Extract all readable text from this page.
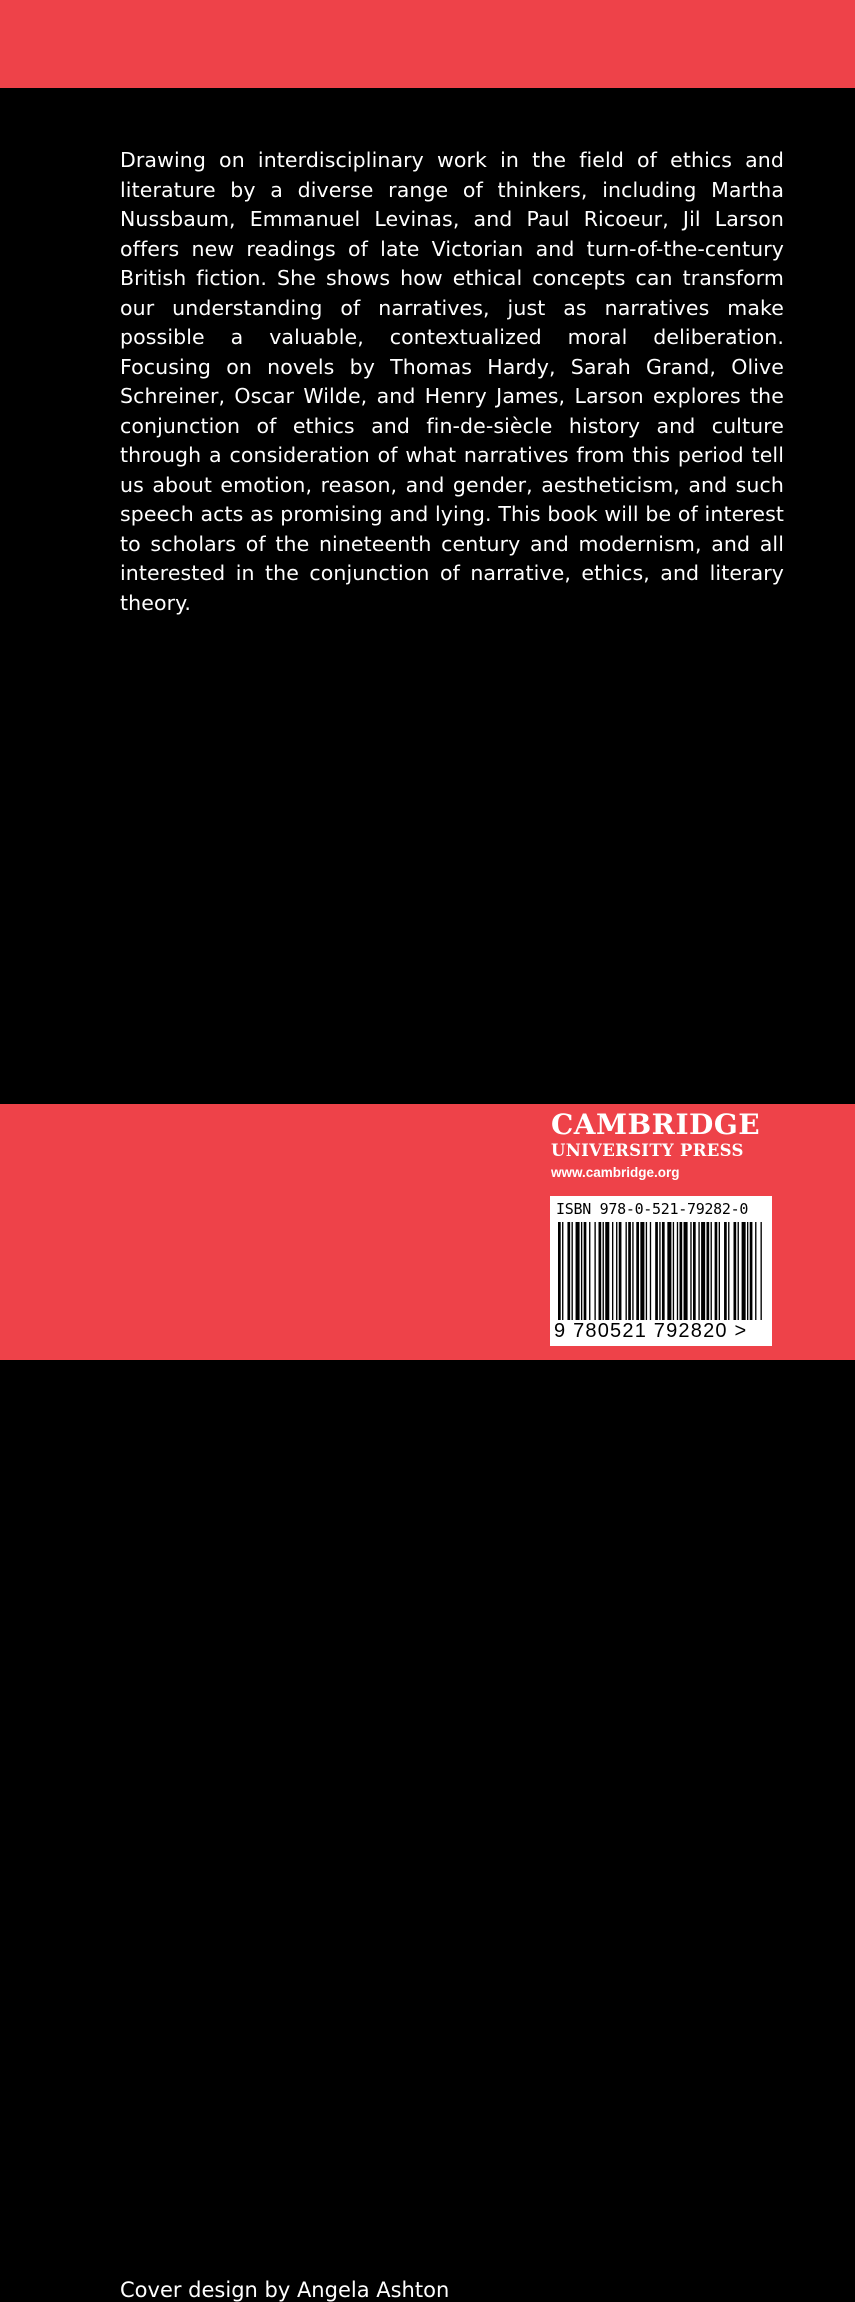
Drawing on interdisciplinary work in the field of ethics and literature by a diverse range of thinkers, including Martha Nussbaum, Emmanuel Levinas, and Paul Ricoeur, Jil Larson offers new readings of late Victorian and turn-of-the-century British fiction. She shows how ethical concepts can transform our understanding of narratives, just as narratives make possible a valuable, contextualized moral deliberation. Focusing on novels by Thomas Hardy, Sarah Grand, Olive Schreiner, Oscar Wilde, and Henry James, Larson explores the conjunction of ethics and fin-de-siècle history and culture through a consideration of what narratives from this period tell us about emotion, reason, and gender, aestheticism, and such speech acts as promising and lying. This book will be of interest to scholars of the nineteenth century and modernism, and all interested in the conjunction of narrative, ethics, and literary theory.
Cover design by Angela Ashton
CAMBRIDGE
UNIVERSITY PRESS
www.cambridge.org
ISBN 978-0-521-79282-0
9 780521 792820 >
